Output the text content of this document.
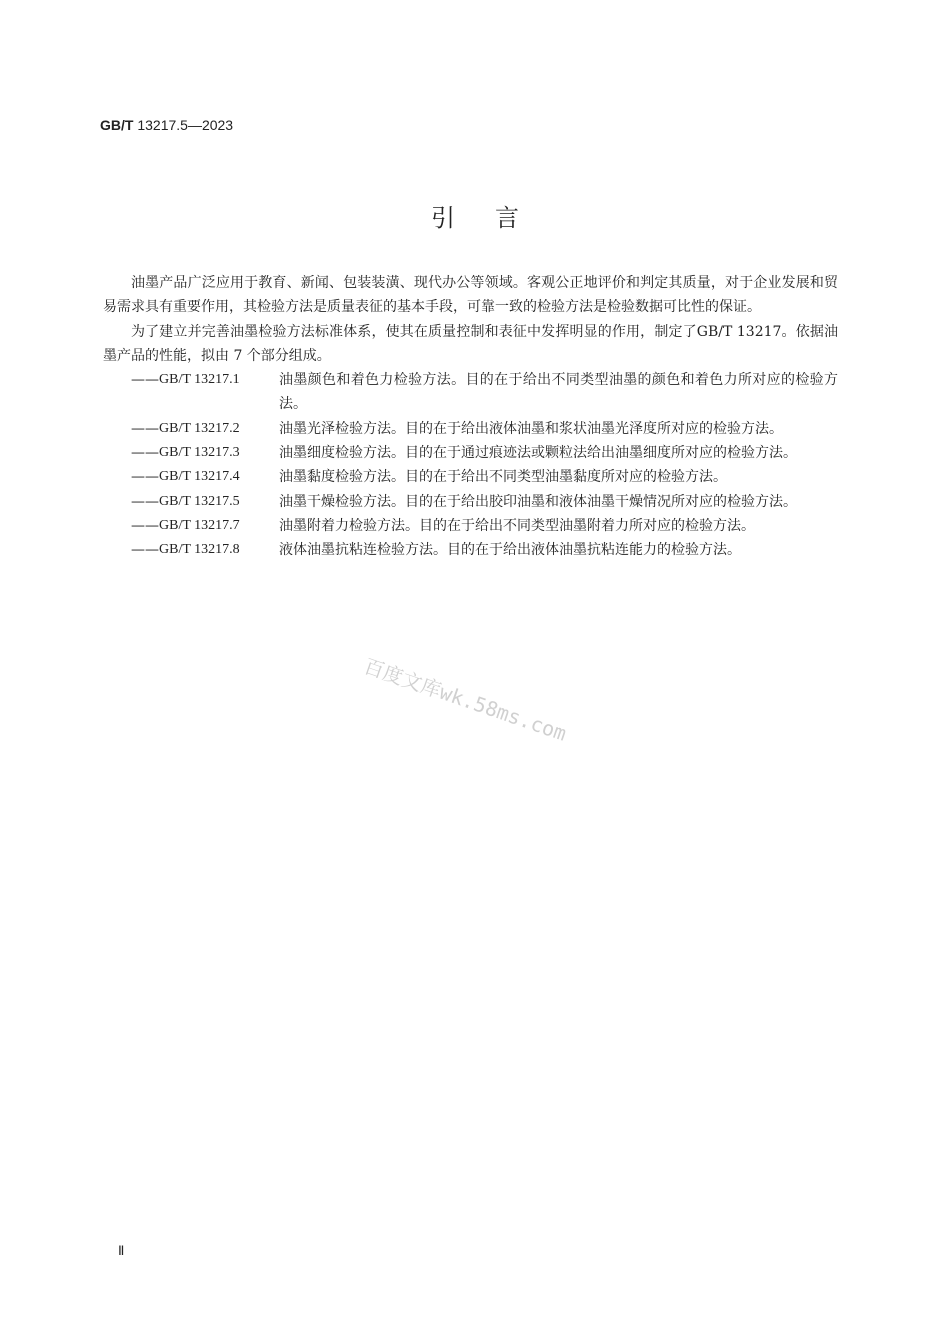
GB/T 13217.5—2023
引言

油墨产品广泛应用于教育、新闻、包装装潢、现代办公等领域。客观公正地评价和判定其质量，对于企业发展和贸易需求具有重要作用，其检验方法是质量表征的基本手段，可靠一致的检验方法是检验数据可比性的保证。

为了建立并完善油墨检验方法标准体系，使其在质量控制和表征中发挥明显的作用，制定了GB/T 13217。依据油墨产品的性能，拟由 7 个部分组成。

—— GB/T 13217.1	油墨颜色和着色力检验方法。目的在于给出不同类型油墨的颜色和着色力所对应的检验方法。
—— GB/T 13217.2	油墨光泽检验方法。目的在于给出液体油墨和浆状油墨光泽度所对应的检验方法。
—— GB/T 13217.3	油墨细度检验方法。目的在于通过痕迹法或颗粒法给出油墨细度所对应的检验方法。
—— GB/T 13217.4	油墨黏度检验方法。目的在于给出不同类型油墨黏度所对应的检验方法。
—— GB/T 13217.5	油墨干燥检验方法。目的在于给出胶印油墨和液体油墨干燥情况所对应的检验方法。
—— GB/T 13217.7	油墨附着力检验方法。目的在于给出不同类型油墨附着力所对应的检验方法。
—— GB/T 13217.8	液体油墨抗粘连检验方法。目的在于给出液体油墨抗粘连能力的检验方法。
百度文库wk.58ms.com
Ⅱ
